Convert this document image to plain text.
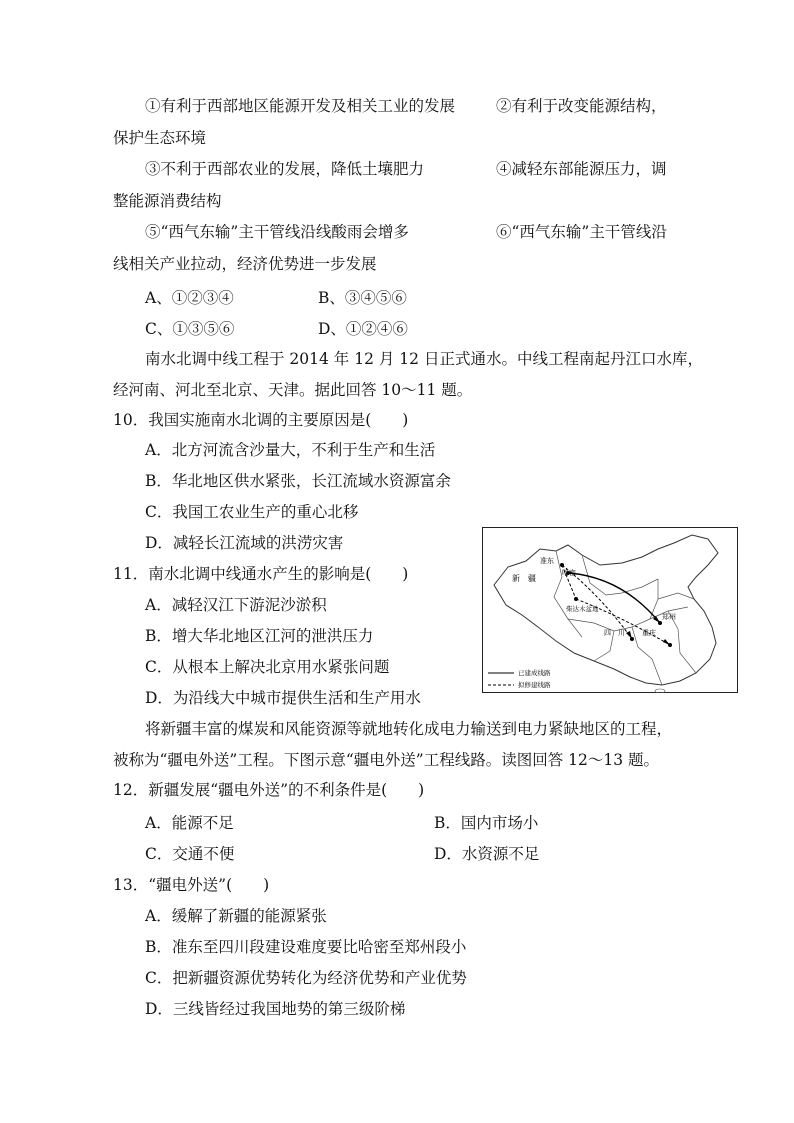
①有利于西部地区能源开发及相关工业的发展	②有利于改变能源结构，
保护生态环境
③不利于西部农业的发展，降低土壤肥力	④减轻东部能源压力，调
整能源消费结构
⑤“西气东输”主干管线沿线酸雨会增多	⑥“西气东输”主干管线沿
线相关产业拉动，经济优势进一步发展
A、①②③④	B、③④⑤⑥
C、①③⑤⑥	D、①②④⑥
南水北调中线工程于 2014 年 12 月 12 日正式通水。中线工程南起丹江口水库，
经河南、河北至北京、天津。据此回答 10～11 题。
10．我国实施南水北调的主要原因是(　　)
A．北方河流含沙量大，不利于生产和生活
B．华北地区供水紧张，长江流域水资源富余
C．我国工农业生产的重心北移
D．减轻长江流域的洪涝灾害
11．南水北调中线通水产生的影响是(　　)
A．减轻汉江下游泥沙淤积
B．增大华北地区江河的泄洪压力
C．从根本上解决北京用水紧张问题
D．为沿线大中城市提供生活和生产用水
新　疆
准东
哈密
柴达木盆地
郑州
四　川 重庆
已建成线路
拟修建线路
将新疆丰富的煤炭和风能资源等就地转化成电力输送到电力紧缺地区的工程，
被称为“疆电外送”工程。下图示意“疆电外送”工程线路。读图回答 12～13 题。
12．新疆发展“疆电外送”的不利条件是(　　)
A．能源不足	B．国内市场小
C．交通不便	D．水资源不足
13．“疆电外送”(　　)
A．缓解了新疆的能源紧张
B．准东至四川段建设难度要比哈密至郑州段小
C．把新疆资源优势转化为经济优势和产业优势
D．三线皆经过我国地势的第三级阶梯
